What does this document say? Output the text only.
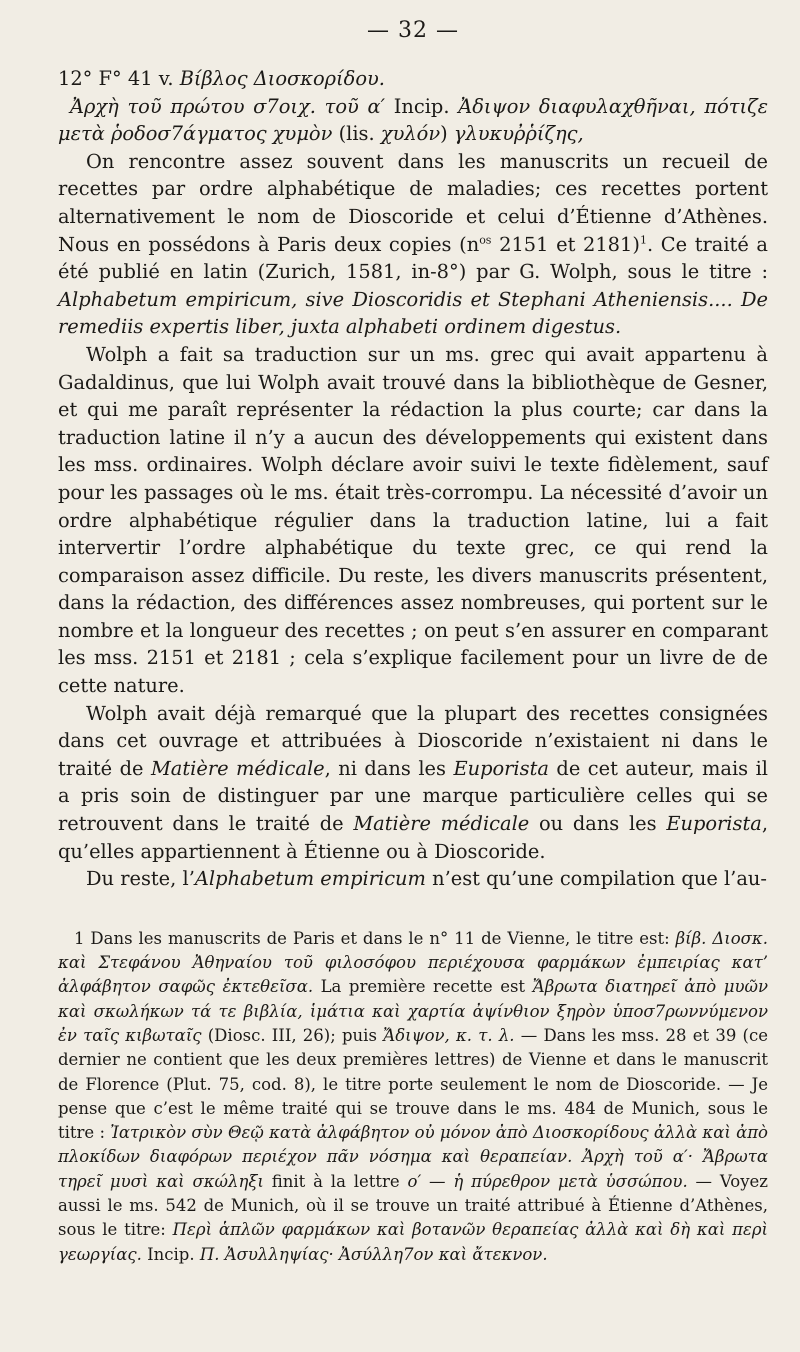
— 32 —

12° F° 41 v. Βίβλος Διοσκορίδου.

Ἀρχὴ τοῦ πρώτου σ7οιχ. τοῦ α′ Incip. Ἀδιψον διαφυλαχθῆναι, πότιζε μετὰ ῥοδοσ7άγματος χυμὸν (lis. χυλόν) γλυκυῤῥίζης,

On rencontre assez souvent dans les manuscrits un recueil de recettes par ordre alphabétique de maladies; ces recettes portent alternativement le nom de Dioscoride et celui d’Étienne d’Athènes. Nous en possédons à Paris deux copies ($n^{os}$ 2151 et 2181)$^1$. Ce traité a été publié en latin (Zurich, 1581, in-8°) par G. Wolph, sous le titre : Alphabetum empiricum, sive Dioscoridis et Stephani Atheniensis.... De remediis expertis liber, juxta alphabeti ordinem digestus.

Wolph a fait sa traduction sur un ms. grec qui avait appartenu à Gadaldinus, que lui Wolph avait trouvé dans la bibliothèque de Gesner, et qui me paraît représenter la rédaction la plus courte; car dans la traduction latine il n’y a aucun des développements qui existent dans les mss. ordinaires. Wolph déclare avoir suivi le texte fidèlement, sauf pour les passages où le ms. était très-corrompu. La nécessité d’avoir un ordre alphabétique régulier dans la traduction latine, lui a fait intervertir l’ordre alphabétique du texte grec, ce qui rend la comparaison assez difficile. Du reste, les divers manuscrits présentent, dans la rédaction, des différences assez nombreuses, qui portent sur le nombre et la longueur des recettes ; on peut s’en assurer en comparant les mss. 2151 et 2181 ; cela s’explique facilement pour un livre de de cette nature.

Wolph avait déjà remarqué que la plupart des recettes consignées dans cet ouvrage et attribuées à Dioscoride n’existaient ni dans le traité de Matière médicale, ni dans les Euporista de cet auteur, mais il a pris soin de distinguer par une marque particulière celles qui se retrouvent dans le traité de Matière médicale ou dans les Euporista, qu’elles appartiennent à Étienne ou à Dioscoride.

Du reste, l’Alphabetum empiricum n’est qu’une compilation que l’au-

1 Dans les manuscrits de Paris et dans le n° 11 de Vienne, le titre est: βίβ. Διοσκ. καὶ Στεφάνου Ἀθηναίου τοῦ φιλοσόφου περιέχουσα φαρμάκων ἐμπειρίας κατ’ ἀλφάβητον σαφῶς ἐκτεθεῖσα. La première recette est Ἄβρωτα διατηρεῖ ἀπὸ μυῶν καὶ σκωλήκων τά τε βιβλία, ἱμάτια καὶ χαρτία ἀψίνθιον ξηρὸν ὑποσ7ρωννύμενον ἐν ταῖς κιβωταῖς (Diosc. III, 26); puis Ἄδιψον, κ. τ. λ. — Dans les mss. 28 et 39 (ce dernier ne contient que les deux premières lettres) de Vienne et dans le manuscrit de Florence (Plut. 75, cod. 8), le titre porte seulement le nom de Dioscoride. — Je pense que c’est le même traité qui se trouve dans le ms. 484 de Munich, sous le titre : Ἰατρικὸν σὺν Θεῷ κατὰ ἀλφάβητον οὐ μόνον ἀπὸ Διοσκορίδους ἀλλὰ καὶ ἀπὸ πλοκίδων διαφόρων περιέχον πᾶν νόσημα καὶ θεραπείαν. Ἀρχὴ τοῦ α′· Ἄβρωτα τηρεῖ μυσὶ καὶ σκώληξι finit à la lettre ο′ — ἡ πύρεθρον μετὰ ὑσσώπου. — Voyez aussi le ms. 542 de Munich, où il se trouve un traité attribué à Étienne d’Athènes, sous le titre: Περὶ ἁπλῶν φαρμάκων καὶ βοτανῶν θεραπείας ἀλλὰ καὶ δὴ καὶ περὶ γεωργίας. Incip. Π. Ἀσυλληψίας· Ἀσύλλη7ον καὶ ἄτεκνον.
